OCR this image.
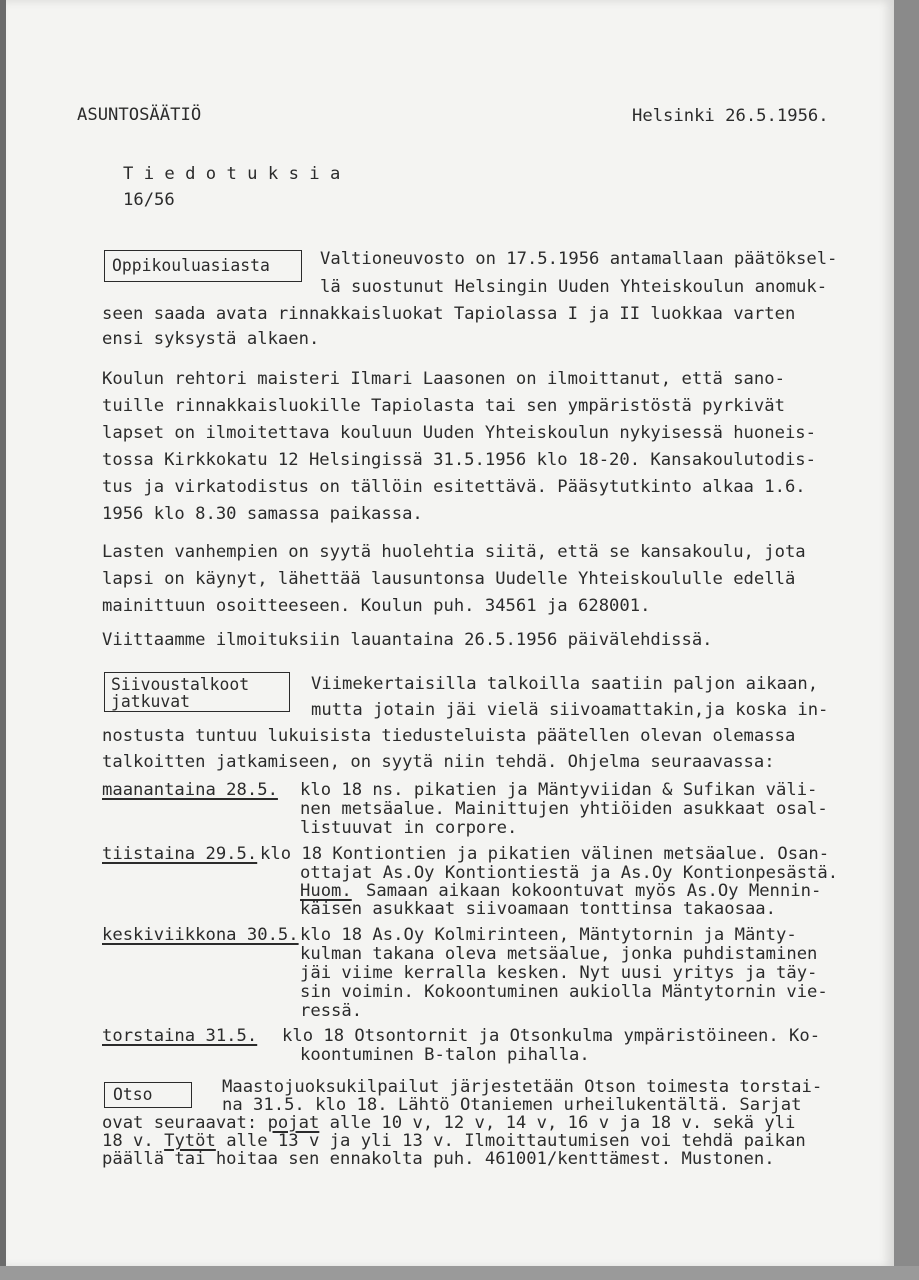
ASUNTOSÄÄTIÖ	Helsinki 26.5.1956.
T i e d o t u k s i a
16/56
Oppikouluasiasta	Valtioneuvosto on 17.5.1956 antamallaan päätöksel-
lä suostunut Helsingin Uuden Yhteiskoulun anomuk-
seen saada avata rinnakkaisluokat Tapiolassa I ja II luokkaa varten
ensi syksystä alkaen.
Koulun rehtori maisteri Ilmari Laasonen on ilmoittanut, että sano-
tuille rinnakkaisluokille Tapiolasta tai sen ympäristöstä pyrkivät
lapset on ilmoitettava kouluun Uuden Yhteiskoulun nykyisessä huoneis-
tossa Kirkkokatu 12 Helsingissä 31.5.1956 klo 18-20. Kansakoulutodis-
tus ja virkatodistus on tällöin esitettävä. Pääsytutkinto alkaa 1.6.
1956 klo 8.30 samassa paikassa.
Lasten vanhempien on syytä huolehtia siitä, että se kansakoulu, jota
lapsi on käynyt, lähettää lausuntonsa Uudelle Yhteiskoululle edellä
mainittuun osoitteeseen. Koulun puh. 34561 ja 628001.
Viittaamme ilmoituksiin lauantaina 26.5.1956 päivälehdissä.
Siivoustalkoot
jatkuvat
Viimekertaisilla talkoilla saatiin paljon aikaan,
mutta jotain jäi vielä siivoamattakin,ja koska in-
nostusta tuntuu lukuisista tiedusteluista päätellen olevan olemassa
talkoitten jatkamiseen, on syytä niin tehdä. Ohjelma seuraavassa:
maanantaina 28.5. klo 18 ns. pikatien ja Mäntyviidan & Sufikan väli-
nen metsäalue. Mainittujen yhtiöiden asukkaat osal-
listuuvat in corpore.
tiistaina 29.5. klo 18 Kontiontien ja pikatien välinen metsäalue. Osan-
ottajat As.Oy Kontiontiestä ja As.Oy Kontionpesästä.
Huom. Samaan aikaan kokoontuvat myös As.Oy Mennin-
käisen asukkaat siivoamaan tonttinsa takaosaa.
keskiviikkona 30.5. klo 18 As.Oy Kolmirinteen, Mäntytornin ja Mänty-
kulman takana oleva metsäalue, jonka puhdistaminen
jäi viime kerralla kesken. Nyt uusi yritys ja täy-
sin voimin. Kokoontuminen aukiolla Mäntytornin vie-
ressä.
torstaina 31.5. klo 18 Otsontornit ja Otsonkulma ympäristöineen. Ko-
koontuminen B-talon pihalla.
Otso	Maastojuoksukilpailut järjestetään Otson toimesta torstai-
na 31.5. klo 18. Lähtö Otaniemen urheilukentältä. Sarjat
ovat seuraavat: pojat alle 10 v, 12 v, 14 v, 16 v ja 18 v. sekä yli
18 v. Tytöt alle 13 v ja yli 13 v. Ilmoittautumisen voi tehdä paikan
päällä tai hoitaa sen ennakolta puh. 461001/kenttämest. Mustonen.
